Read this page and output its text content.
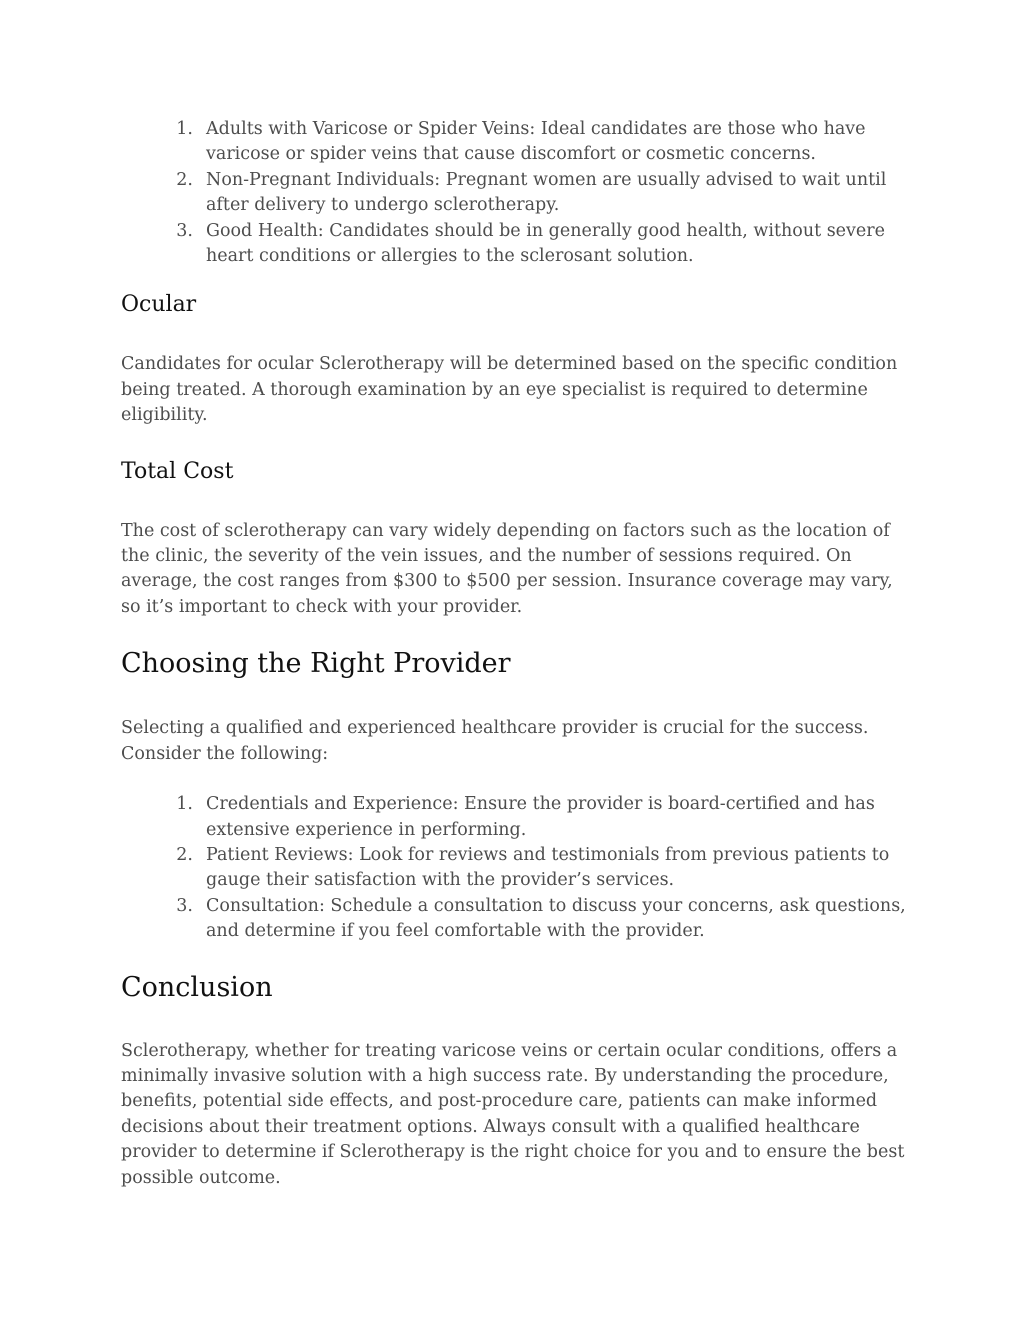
1. Adults with Varicose or Spider Veins: Ideal candidates are those who have varicose or spider veins that cause discomfort or cosmetic concerns.
2. Non-Pregnant Individuals: Pregnant women are usually advised to wait until after delivery to undergo sclerotherapy.
3. Good Health: Candidates should be in generally good health, without severe heart conditions or allergies to the sclerosant solution.
Ocular

Candidates for ocular Sclerotherapy will be determined based on the specific condition being treated. A thorough examination by an eye specialist is required to determine eligibility.

Total Cost

The cost of sclerotherapy can vary widely depending on factors such as the location of the clinic, the severity of the vein issues, and the number of sessions required. On average, the cost ranges from $300 to $500 per session. Insurance coverage may vary, so it’s important to check with your provider.

Choosing the Right Provider

Selecting a qualified and experienced healthcare provider is crucial for the success. Consider the following:

1. Credentials and Experience: Ensure the provider is board-certified and has extensive experience in performing.
2. Patient Reviews: Look for reviews and testimonials from previous patients to gauge their satisfaction with the provider’s services.
3. Consultation: Schedule a consultation to discuss your concerns, ask questions, and determine if you feel comfortable with the provider.
Conclusion

Sclerotherapy, whether for treating varicose veins or certain ocular conditions, offers a minimally invasive solution with a high success rate. By understanding the procedure, benefits, potential side effects, and post-procedure care, patients can make informed decisions about their treatment options. Always consult with a qualified healthcare provider to determine if Sclerotherapy is the right choice for you and to ensure the best possible outcome.
